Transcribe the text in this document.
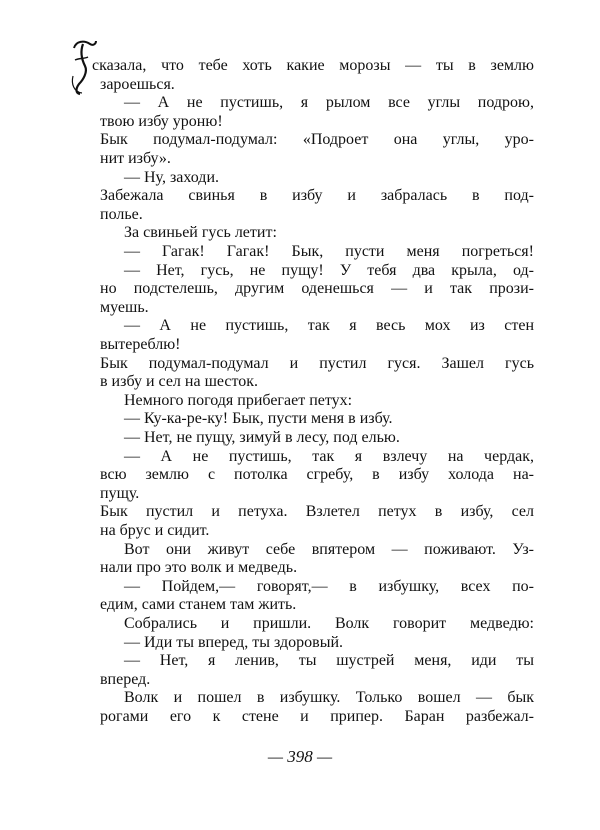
— 398 —
сказала, что тебе хоть какие морозы — ты в землю
зароешься.
— А не пустишь, я рылом все углы подрою,
твою избу уроню!
Бык подумал-подумал: «Подроет она углы, уро-
нит избу».
— Ну, заходи.
Забежала свинья в избу и забралась в под-
полье.
За свиньей гусь летит:
— Гагак! Гагак! Бык, пусти меня погреться!
— Нет, гусь, не пущу! У тебя два крыла, од-
но подстелешь, другим оденешься — и так прози-
муешь.
— А не пустишь, так я весь мох из стен
вытереблю!
Бык подумал-подумал и пустил гуся. Зашел гусь
в избу и сел на шесток.
Немного погодя прибегает петух:
— Ку-ка-ре-ку! Бык, пусти меня в избу.
— Нет, не пущу, зимуй в лесу, под елью.
— А не пустишь, так я взлечу на чердак,
всю землю с потолка сгребу, в избу холода на-
пущу.
Бык пустил и петуха. Взлетел петух в избу, сел
на брус и сидит.
Вот они живут себе впятером — поживают. Уз-
нали про это волк и медведь.
— Пойдем,— говорят,— в избушку, всех по-
едим, сами станем там жить.
Собрались и пришли. Волк говорит медведю:
— Иди ты вперед, ты здоровый.
— Нет, я ленив, ты шустрей меня, иди ты
вперед.
Волк и пошел в избушку. Только вошел — бык
рогами его к стене и припер. Баран разбежал-
